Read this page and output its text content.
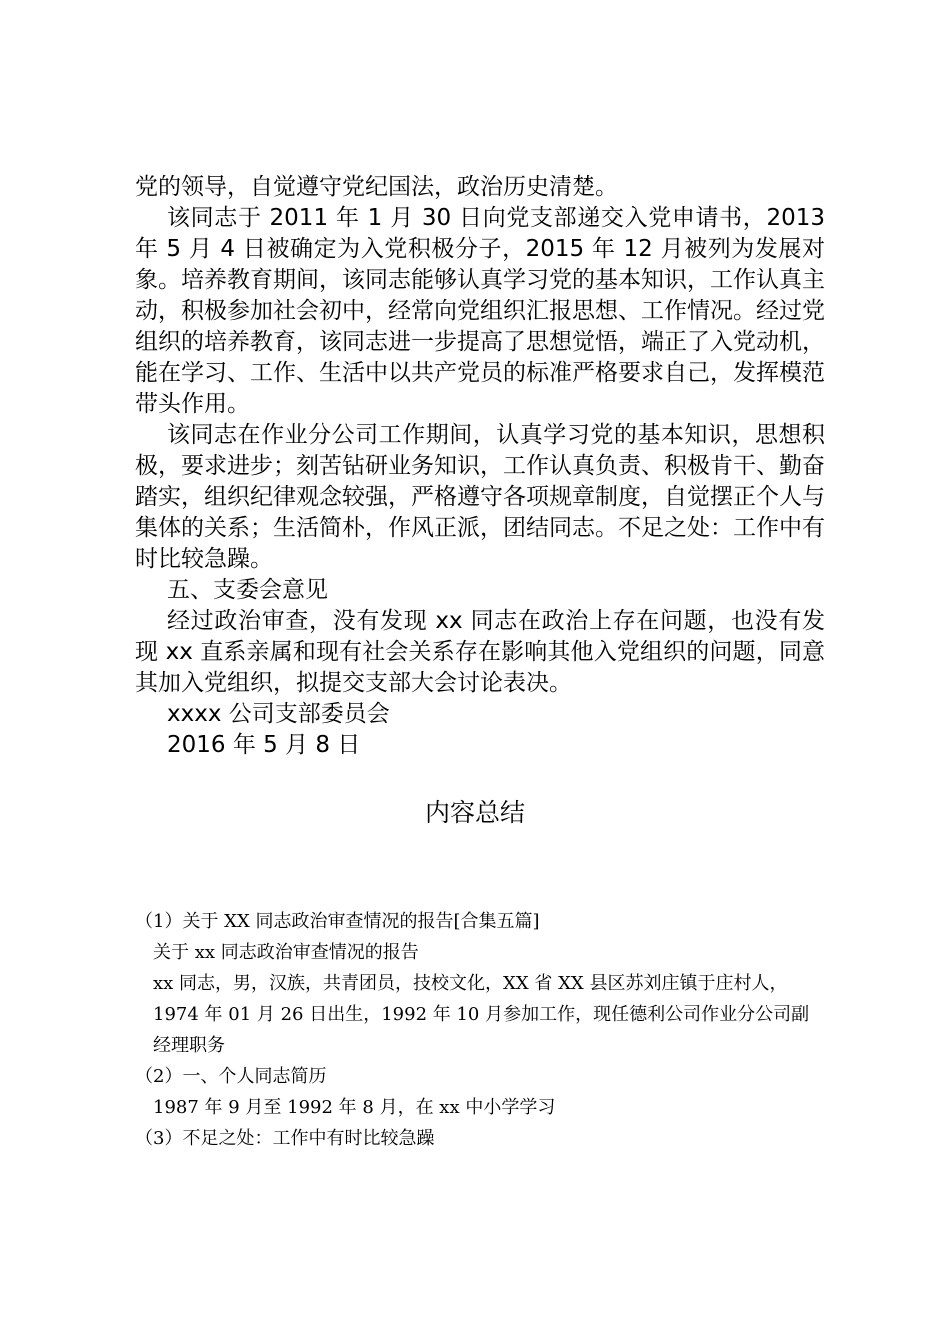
党的领导，自觉遵守党纪国法，政治历史清楚。

该同志于 2011 年 1 月 30 日向党支部递交入党申请书，2013 年 5 月 4 日被确定为入党积极分子，2015 年 12 月被列为发展对象。培养教育期间，该同志能够认真学习党的基本知识，工作认真主动，积极参加社会初中，经常向党组织汇报思想、工作情况。经过党组织的培养教育，该同志进一步提高了思想觉悟，端正了入党动机，能在学习、工作、生活中以共产党员的标准严格要求自己，发挥模范带头作用。

该同志在作业分公司工作期间，认真学习党的基本知识，思想积极，要求进步；刻苦钻研业务知识，工作认真负责、积极肯干、勤奋踏实，组织纪律观念较强，严格遵守各项规章制度，自觉摆正个人与集体的关系；生活简朴，作风正派，团结同志。不足之处：工作中有时比较急躁。

五、支委会意见

经过政治审查，没有发现 xx 同志在政治上存在问题，也没有发现 xx 直系亲属和现有社会关系存在影响其他入党组织的问题，同意其加入党组织，拟提交支部大会讨论表决。

xxxx 公司支部委员会

2016 年 5 月 8 日

内容总结

（1）关于 XX 同志政治审查情况的报告[合集五篇]

关于 xx 同志政治审查情况的报告

xx 同志，男，汉族，共青团员，技校文化，XX 省 XX 县区苏刘庄镇于庄村人，1974 年 01 月 26 日出生，1992 年 10 月参加工作，现任德利公司作业分公司副经理职务

（2）一、个人同志简历

1987 年 9 月至 1992 年 8 月，在 xx 中小学学习

（3）不足之处：工作中有时比较急躁
